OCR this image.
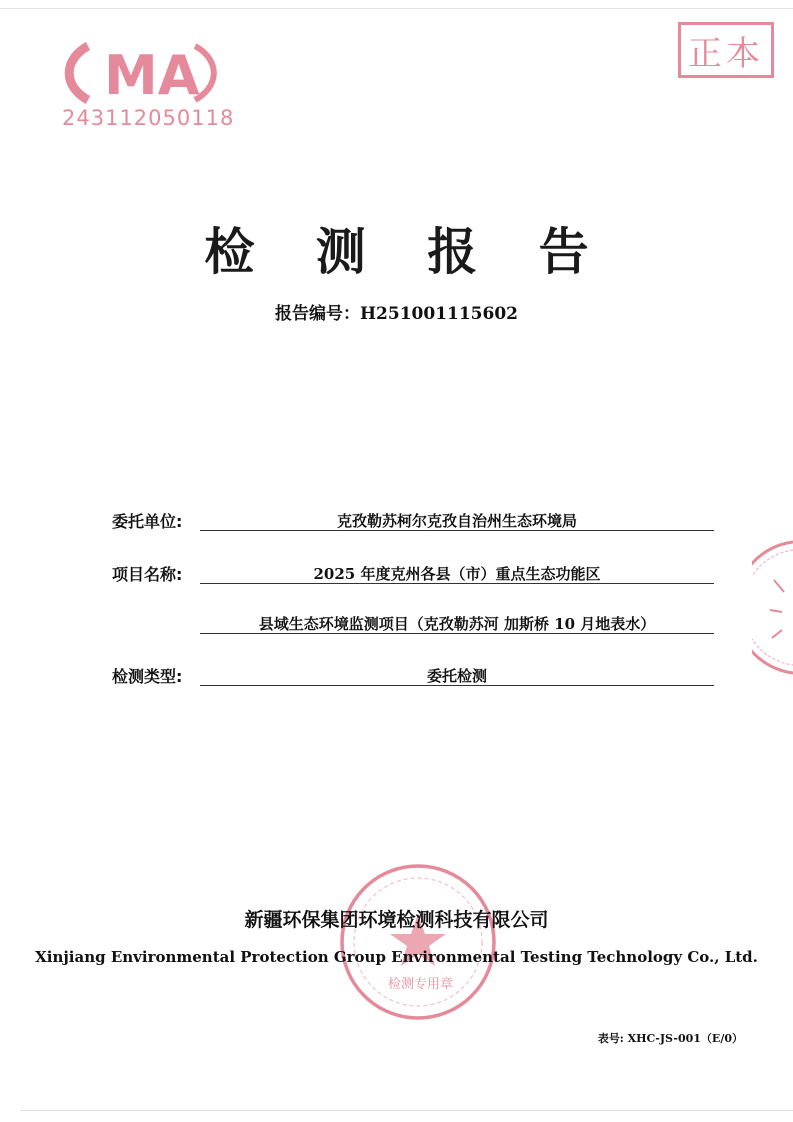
MA
243112050118
正本
检 测 报 告
报告编号：H251001115602
委托单位:	克孜勒苏柯尔克孜自治州生态环境局
项目名称:	2025 年度克州各县（市）重点生态功能区
县域生态环境监测项目（克孜勒苏河 加斯桥 10 月地表水）
检测类型:	委托检测
检测专用章
新疆环保集团环境检测科技有限公司
Xinjiang Environmental Protection Group Environmental Testing Technology Co., Ltd.
表号: XHC-JS-001（E/0）
